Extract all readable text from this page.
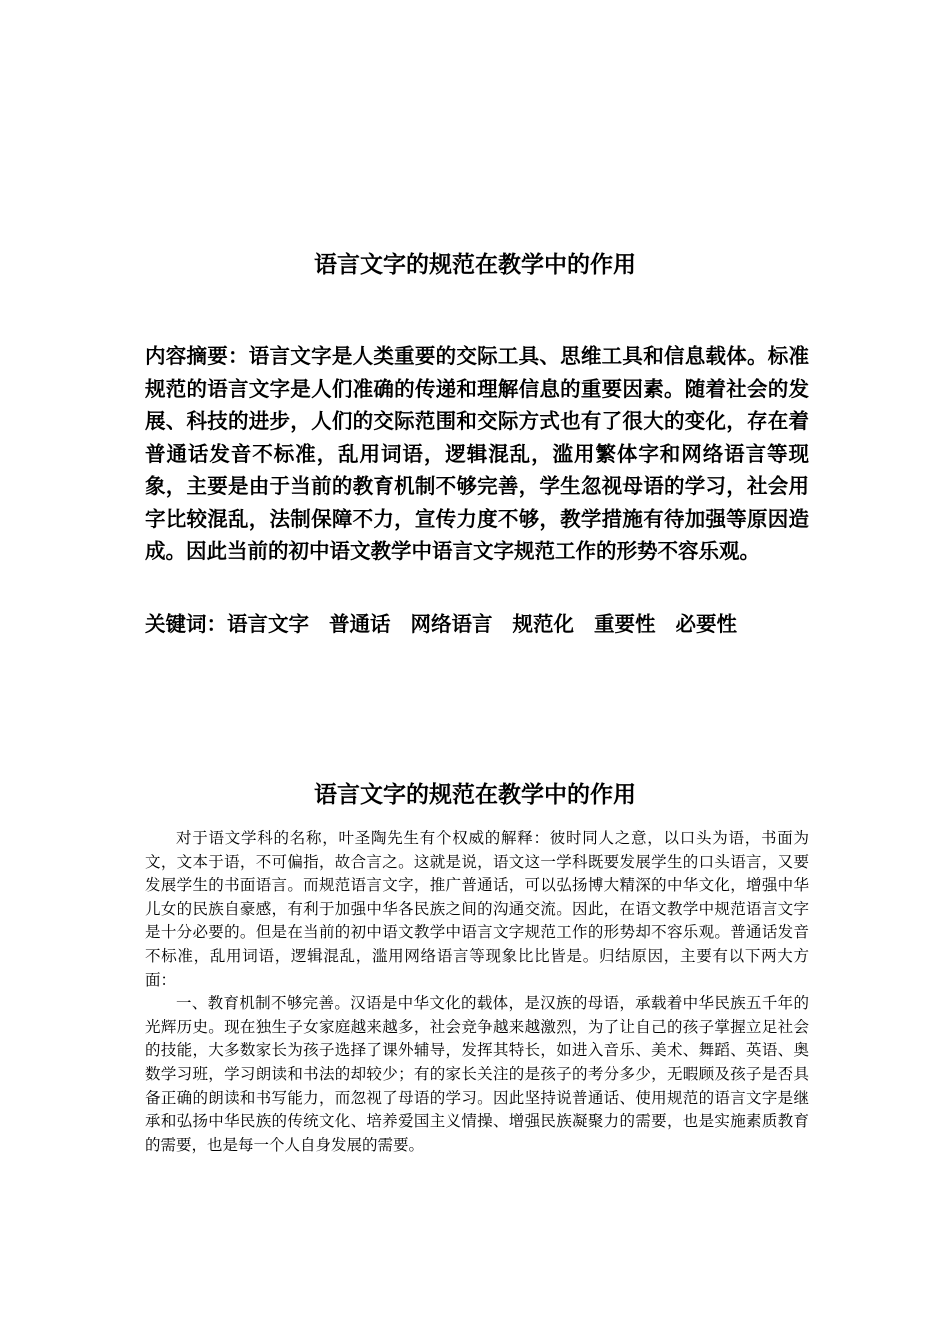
语言文字的规范在教学中的作用

内容摘要：语言文字是人类重要的交际工具、思维工具和信息载体。标准规范的语言文字是人们准确的传递和理解信息的重要因素。随着社会的发展、科技的进步，人们的交际范围和交际方式也有了很大的变化，存在着普通话发音不标准，乱用词语，逻辑混乱，滥用繁体字和网络语言等现象，主要是由于当前的教育机制不够完善，学生忽视母语的学习，社会用字比较混乱，法制保障不力，宣传力度不够，教学措施有待加强等原因造成。因此当前的初中语文教学中语言文字规范工作的形势不容乐观。

关键词：语言文字 普通话 网络语言 规范化 重要性 必要性

语言文字的规范在教学中的作用

对于语文学科的名称，叶圣陶先生有个权威的解释：彼时同人之意，以口头为语，书面为文，文本于语，不可偏指，故合言之。这就是说，语文这一学科既要发展学生的口头语言，又要发展学生的书面语言。而规范语言文字，推广普通话，可以弘扬博大精深的中华文化，增强中华儿女的民族自豪感，有利于加强中华各民族之间的沟通交流。因此，在语文教学中规范语言文字是十分必要的。但是在当前的初中语文教学中语言文字规范工作的形势却不容乐观。普通话发音不标准，乱用词语，逻辑混乱，滥用网络语言等现象比比皆是。归结原因，主要有以下两大方面：

一、教育机制不够完善。汉语是中华文化的载体，是汉族的母语，承载着中华民族五千年的光辉历史。现在独生子女家庭越来越多，社会竞争越来越激烈，为了让自己的孩子掌握立足社会的技能，大多数家长为孩子选择了课外辅导，发挥其特长，如进入音乐、美术、舞蹈、英语、奥数学习班，学习朗读和书法的却较少；有的家长关注的是孩子的考分多少，无暇顾及孩子是否具备正确的朗读和书写能力，而忽视了母语的学习。因此坚持说普通话、使用规范的语言文字是继承和弘扬中华民族的传统文化、培养爱国主义情操、增强民族凝聚力的需要，也是实施素质教育的需要，也是每一个人自身发展的需要。
